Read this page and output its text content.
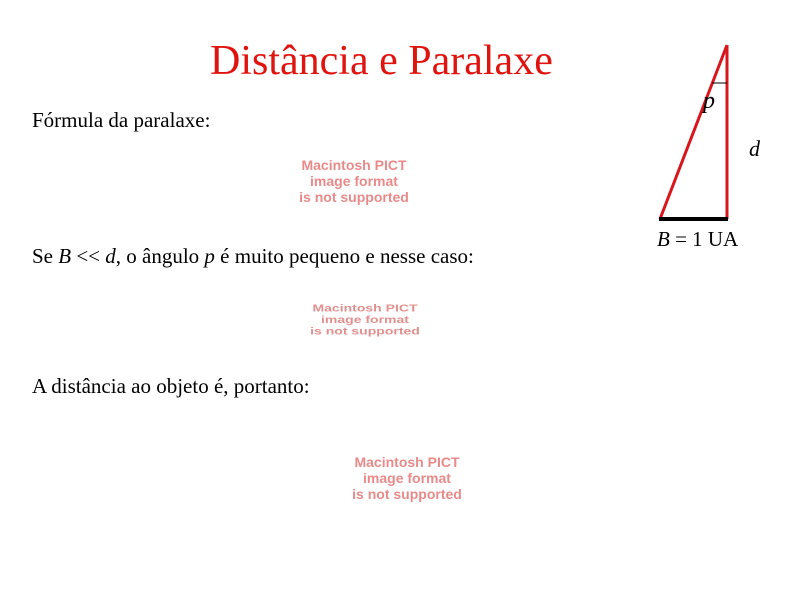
Distância e Paralaxe
Fórmula da paralaxe:
Macintosh PICT
image format
is not supported
Se B << d, o ângulo p é muito pequeno e nesse caso:
Macintosh PICT
image format
is not supported
A distância ao objeto é, portanto:
Macintosh PICT
image format
is not supported
p
d
B = 1 UA
